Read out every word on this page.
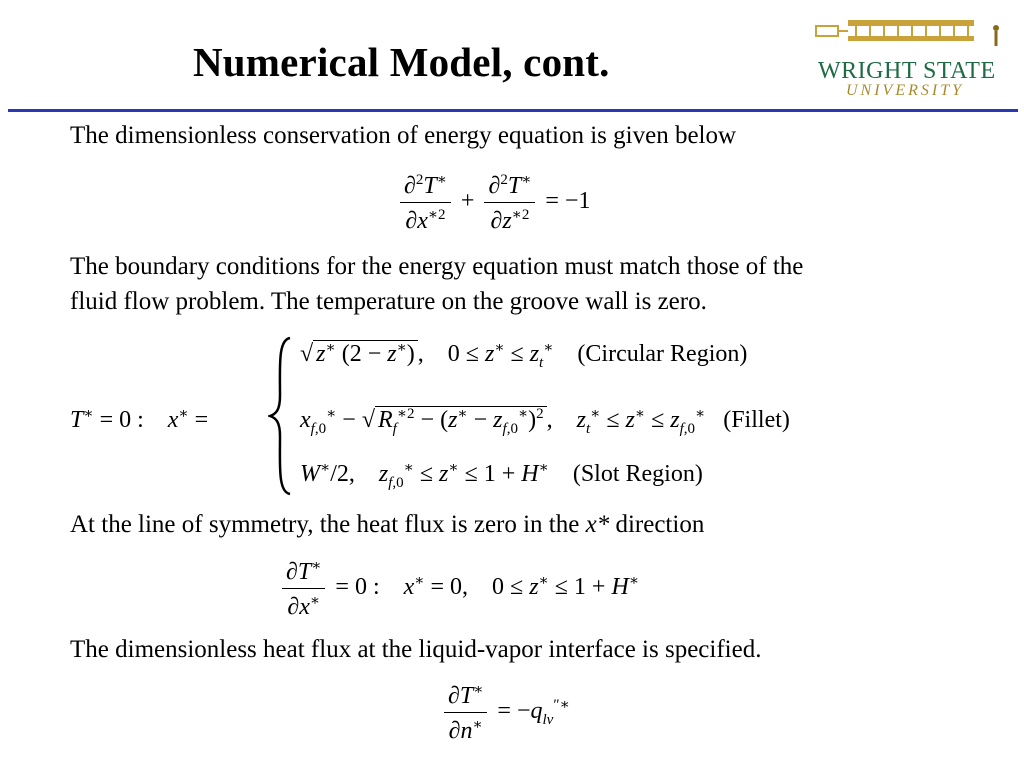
Numerical Model, cont.	WRIGHT STATE
UNIVERSITY
The dimensionless conservation of energy equation is given below
$\frac{\partial^2T^∗}{\partial x^{∗2}} + \frac{\partial^2T^∗}{\partial z^{∗2}} = -1$
The boundary conditions for the energy equation must match those of the
fluid flow problem. The temperature on the groove wall is zero.
T∗ = 0 :    x∗ =
√ z∗ (2 − z∗) ,    $0 \le z^∗ \le z_t^∗$ (Circular Region)
$x_{f,0}^∗$ − √ $R_f^{∗2} - (z^∗ - z_{f,0}^∗)^2$ ,    $z_t^∗ \le z^∗ \le z_{f,0}^∗$ (Fillet)
W∗/2,    $z_{f,0}^∗ \le z^∗ \le 1 + H^∗$ (Slot Region)
At the line of symmetry, the heat flux is zero in the x* direction
$\frac{\partial T^∗}{\partial x^∗} = 0$ :    x∗ = 0,    0 ≤ z∗ ≤ 1 + H∗
The dimensionless heat flux at the liquid-vapor interface is specified.
$\frac{\partial T^∗}{\partial n^∗} = -q_{lv}^{''∗}$
